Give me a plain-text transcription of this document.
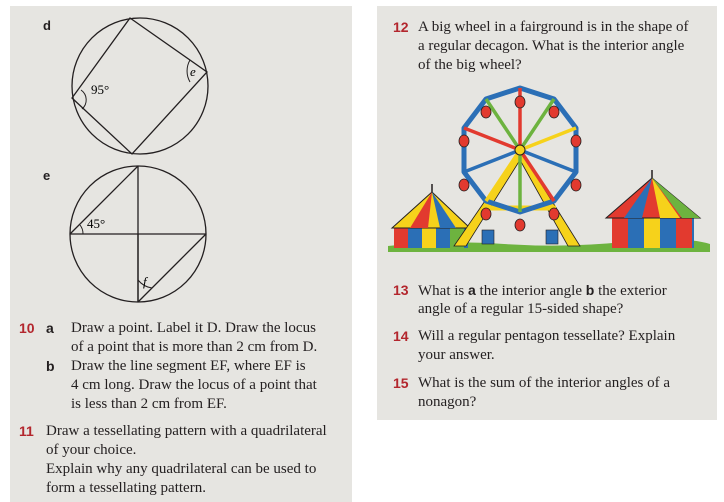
d
95°
e
e
45°
f
10 a Draw a point. Label it D. Draw the locus
of a point that is more than 2 cm from D.
b Draw the line segment EF, where EF is
4 cm long. Draw the locus of a point that
is less than 2 cm from EF.
11 Draw a tessellating pattern with a quadrilateral
of your choice.
Explain why any quadrilateral can be used to
form a tessellating pattern.
12 A big wheel in a fairground is in the shape of
a regular decagon. What is the interior angle
of the big wheel?
13 What is a the interior angle b the exterior
angle of a regular 15-sided shape?
14 Will a regular pentagon tessellate? Explain
your answer.
15 What is the sum of the interior angles of a
nonagon?
